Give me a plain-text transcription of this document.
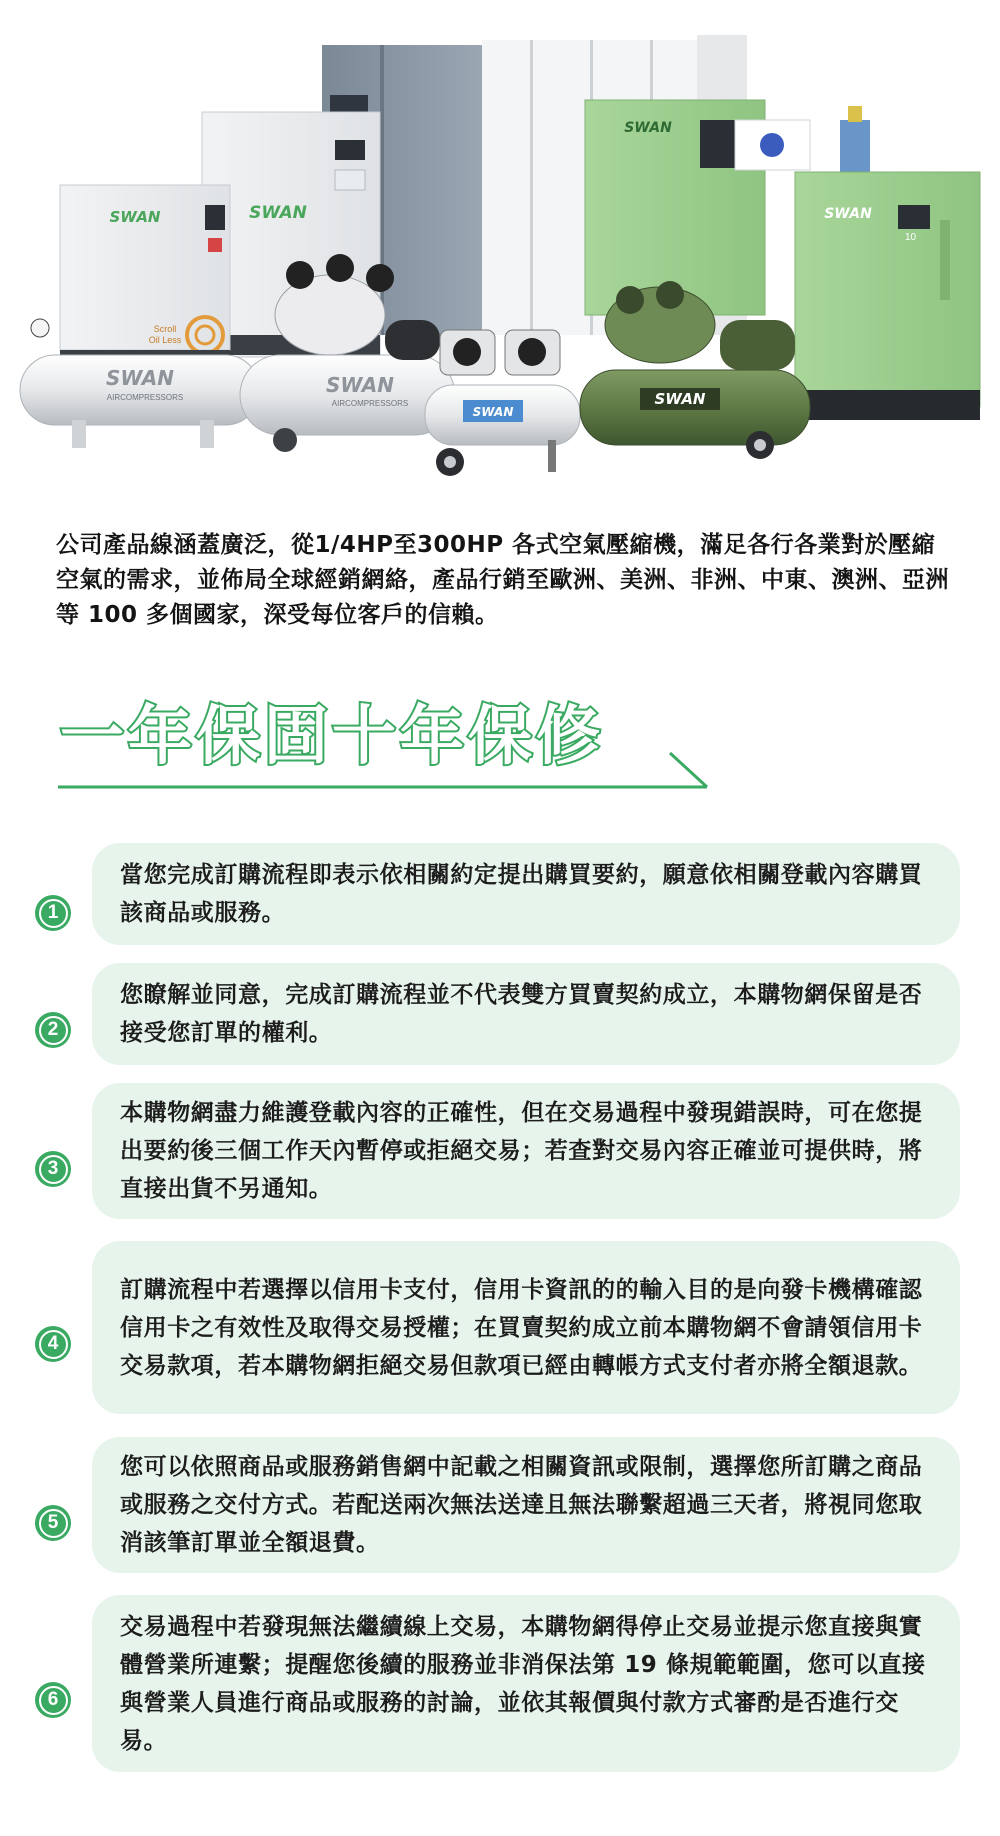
SWAN
SWAN
Scroll
Oil Less
SWAN
SWAN
10
SWAN
AIRCOMPRESSORS
SWAN
AIRCOMPRESSORS
SWAN
SWAN
公司產品線涵蓋廣泛，從1/4HP至300HP 各式空氣壓縮機，滿足各行各業對於壓縮空氣的需求，並佈局全球經銷網絡，產品行銷至歐洲、美洲、非洲、中東、澳洲、亞洲等 100 多個國家，深受每位客戶的信賴。
一年保固十年保修
1
當您完成訂購流程即表示依相關約定提出購買要約，願意依相關登載內容購買該商品或服務。
2
您瞭解並同意，完成訂購流程並不代表雙方買賣契約成立，本購物網保留是否接受您訂單的權利。
3
本購物網盡力維護登載內容的正確性，但在交易過程中發現錯誤時，可在您提出要約後三個工作天內暫停或拒絕交易；若查對交易內容正確並可提供時，將直接出貨不另通知。
4
訂購流程中若選擇以信用卡支付，信用卡資訊的的輸入目的是向發卡機構確認信用卡之有效性及取得交易授權；在買賣契約成立前本購物網不會請領信用卡交易款項，若本購物網拒絕交易但款項已經由轉帳方式支付者亦將全額退款。
5
您可以依照商品或服務銷售網中記載之相關資訊或限制，選擇您所訂購之商品或服務之交付方式。若配送兩次無法送達且無法聯繫超過三天者，將視同您取消該筆訂單並全額退費。
6
交易過程中若發現無法繼續線上交易，本購物網得停止交易並提示您直接與實體營業所連繫；提醒您後續的服務並非消保法第 19 條規範範圍，您可以直接與營業人員進行商品或服務的討論，並依其報價與付款方式審酌是否進行交易。
